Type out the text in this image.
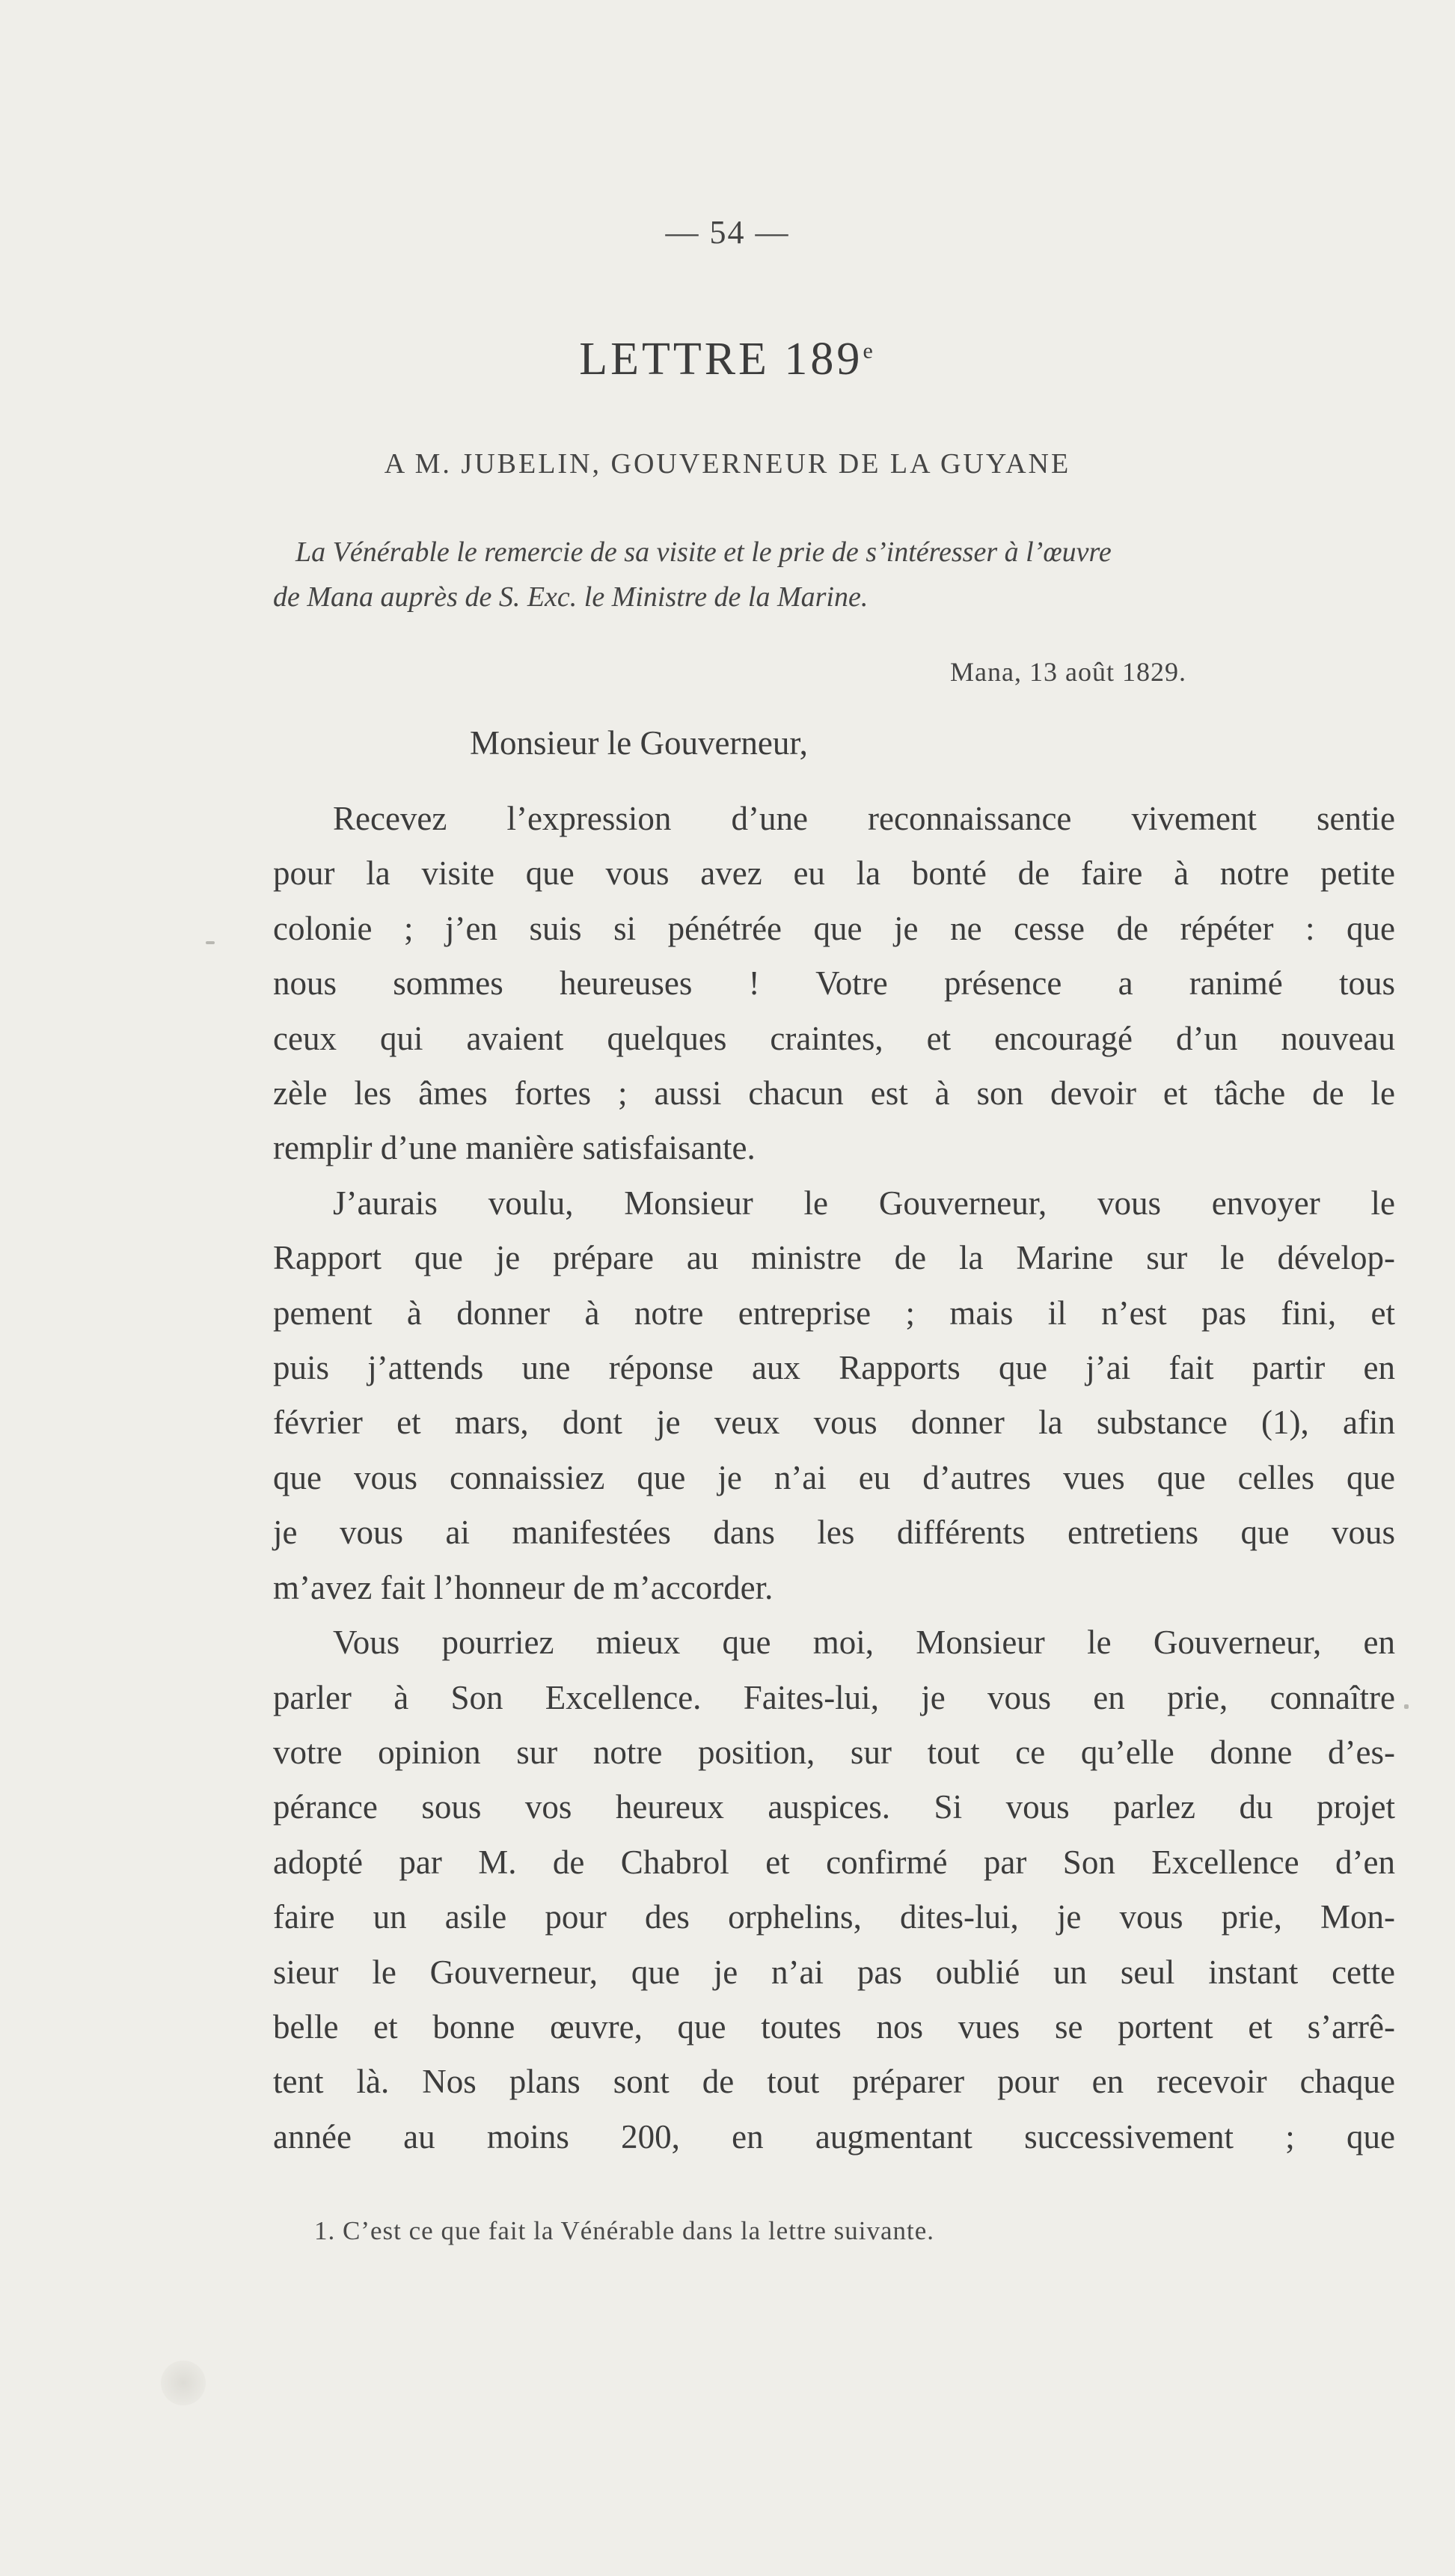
— 54 —
LETTRE 189e
A M. JUBELIN, GOUVERNEUR DE LA GUYANE
La Vénérable le remercie de sa visite et le prie de s’intéresser à l’œuvre
de Mana auprès de S. Exc. le Ministre de la Marine.
Mana, 13 août 1829.
Monsieur le Gouverneur,
Recevez l’expression d’une reconnaissance vivement sentie
pour la visite que vous avez eu la bonté de faire à notre petite
colonie ; j’en suis si pénétrée que je ne cesse de répéter : que
nous sommes heureuses ! Votre présence a ranimé tous
ceux qui avaient quelques craintes, et encouragé d’un nouveau
zèle les âmes fortes ; aussi chacun est à son devoir et tâche de le
remplir d’une manière satisfaisante.
J’aurais voulu, Monsieur le Gouverneur, vous envoyer le
Rapport que je prépare au ministre de la Marine sur le dévelop-
pement à donner à notre entreprise ; mais il n’est pas fini, et
puis j’attends une réponse aux Rapports que j’ai fait partir en
février et mars, dont je veux vous donner la substance (1), afin
que vous connaissiez que je n’ai eu d’autres vues que celles que
je vous ai manifestées dans les différents entretiens que vous
m’avez fait l’honneur de m’accorder.
Vous pourriez mieux que moi, Monsieur le Gouverneur, en
parler à Son Excellence. Faites-lui, je vous en prie, connaître
votre opinion sur notre position, sur tout ce qu’elle donne d’es-
pérance sous vos heureux auspices. Si vous parlez du projet
adopté par M. de Chabrol et confirmé par Son Excellence d’en
faire un asile pour des orphelins, dites-lui, je vous prie, Mon-
sieur le Gouverneur, que je n’ai pas oublié un seul instant cette
belle et bonne œuvre, que toutes nos vues se portent et s’arrê-
tent là. Nos plans sont de tout préparer pour en recevoir chaque
année au moins 200, en augmentant successivement ; que
1. C’est ce que fait la Vénérable dans la lettre suivante.
